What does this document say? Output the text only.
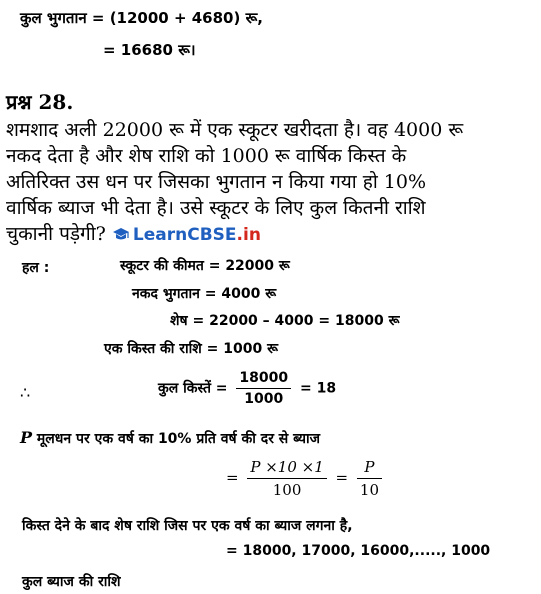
कुल भुगतान = (12000 + 4680) रू,
= 16680 रू।
प्रश्न 28.
शमशाद अली 22000 रू में एक स्कूटर खरीदता है। वह 4000 रू
नकद देता है और शेष राशि को 1000 रू वार्षिक किस्त के
अतिरिक्त उस धन पर जिसका भुगतान न किया गया हो 10%
वार्षिक ब्याज भी देता है। उसे स्कूटर के लिए कुल कितनी राशि
चुकानी पड़ेगी? LearnCBSE.in
हल :	स्कूटर की कीमत = 22000 रू
नकद भुगतान = 4000 रू
शेष = 22000 – 4000 = 18000 रू
एक किस्त की राशि = 1000 रू
∴	कुल किस्तें = $\frac{18000}{1000} = 18$
P मूलधन पर एक वर्ष का 10% प्रति वर्ष की दर से ब्याज
= $\frac{P \times 10 \times 1}{100} = \frac{P}{10}$
किस्त देने के बाद शेष राशि जिस पर एक वर्ष का ब्याज लगना है,
= 18000, 17000, 16000,....., 1000
कुल ब्याज की राशि
